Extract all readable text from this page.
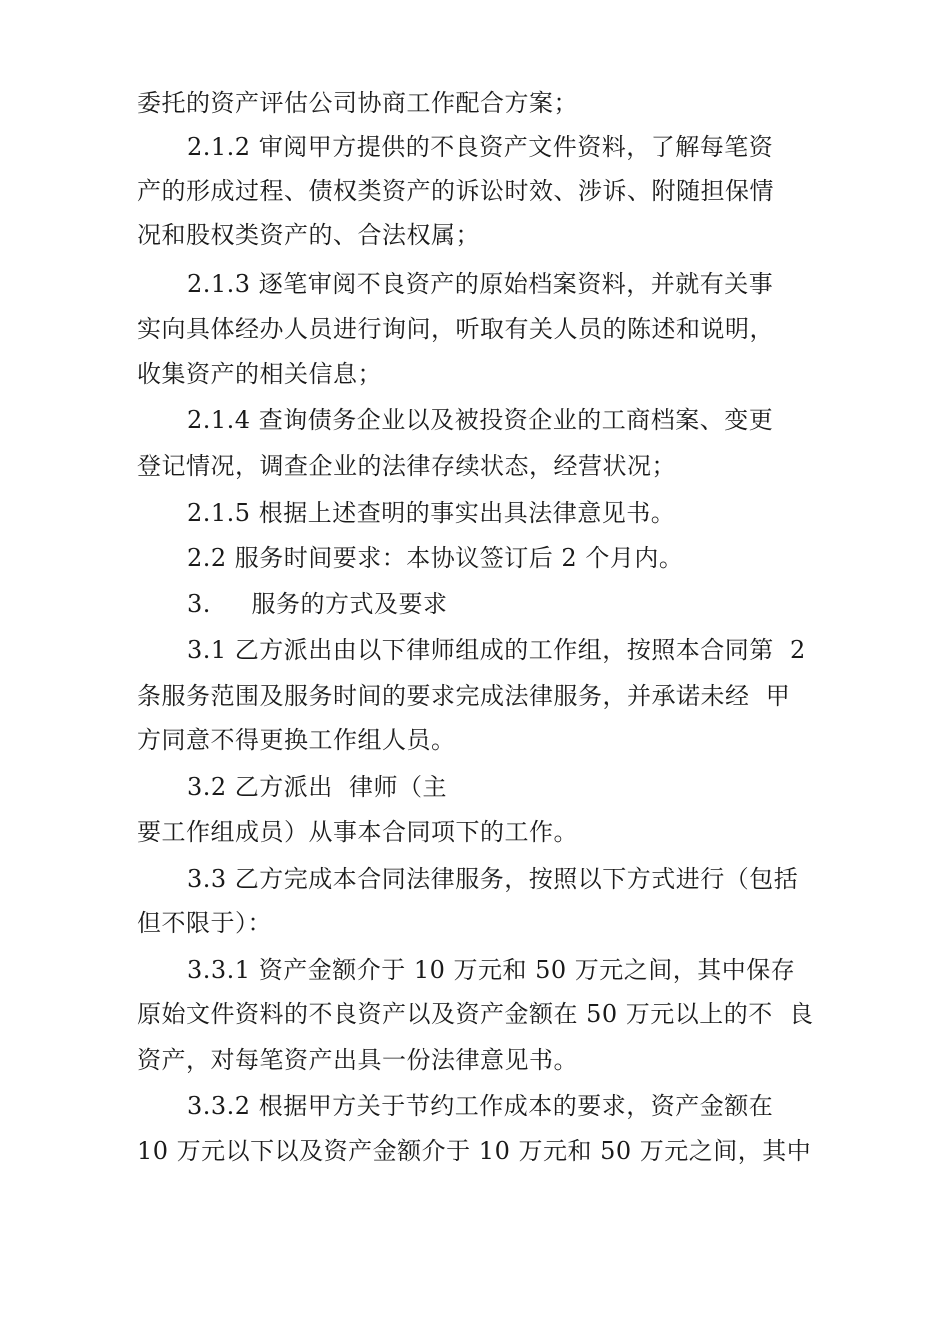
委托的资产评估公司协商工作配合方案；
2.1.2 审阅甲方提供的不良资产文件资料，了解每笔资
产的形成过程、债权类资产的诉讼时效、涉诉、附随担保情
况和股权类资产的、合法权属；
2.1.3 逐笔审阅不良资产的原始档案资料，并就有关事
实向具体经办人员进行询问，听取有关人员的陈述和说明，
收集资产的相关信息；
2.1.4 查询债务企业以及被投资企业的工商档案、变更
登记情况，调查企业的法律存续状态，经营状况；
2.1.5 根据上述查明的事实出具法律意见书。
2.2 服务时间要求：本协议签订后 2 个月内。
3.     服务的方式及要求
3.1 乙方派出由以下律师组成的工作组，按照本合同第  2
条服务范围及服务时间的要求完成法律服务，并承诺未经  甲
方同意不得更换工作组人员。
3.2 乙方派出  律师（主
要工作组成员）从事本合同项下的工作。
3.3 乙方完成本合同法律服务，按照以下方式进行（包括
但不限于）：
3.3.1 资产金额介于 10 万元和 50 万元之间，其中保存
原始文件资料的不良资产以及资产金额在 50 万元以上的不  良
资产，对每笔资产出具一份法律意见书。
3.3.2 根据甲方关于节约工作成本的要求，资产金额在
10 万元以下以及资产金额介于 10 万元和 50 万元之间，其中
